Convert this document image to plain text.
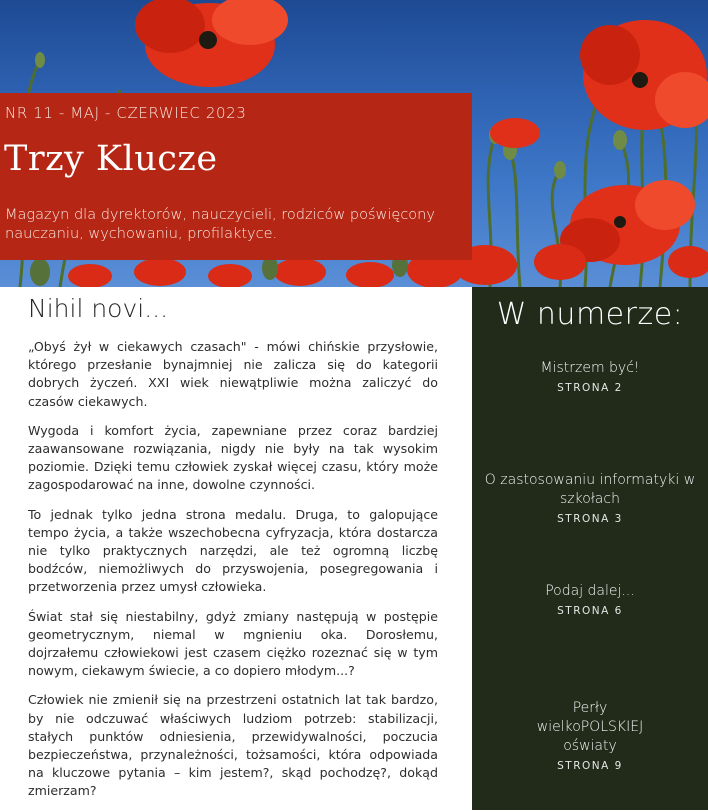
NR 11 - MAJ - CZERWIEC 2023
Trzy Klucze
Magazyn dla dyrektorów, nauczycieli, rodziców poświęcony nauczaniu, wychowaniu, profilaktyce.
Nihil novi...

„Obyś żył w ciekawych czasach" - mówi chińskie przysłowie, którego przesłanie bynajmniej nie zalicza się do kategorii dobrych życzeń. XXI wiek niewątpliwie można zaliczyć do czasów ciekawych.

Wygoda i komfort życia, zapewniane przez coraz bardziej zaawansowane rozwiązania, nigdy nie były na tak wysokim poziomie. Dzięki temu człowiek zyskał więcej czasu, który może zagospodarować na inne, dowolne czynności.

To jednak tylko jedna strona medalu. Druga, to galopujące tempo życia, a także wszechobecna cyfryzacja, która dostarcza nie tylko praktycznych narzędzi, ale też ogromną liczbę bodźców, niemożliwych do przyswojenia, posegregowania i przetworzenia przez umysł człowieka.

Świat stał się niestabilny, gdyż zmiany następują w postępie geometrycznym, niemal w mgnieniu oka. Dorosłemu, dojrzałemu człowiekowi jest czasem ciężko rozeznać się w tym nowym, ciekawym świecie, a co dopiero młodym...?

Człowiek nie zmienił się na przestrzeni ostatnich lat tak bardzo, by nie odczuwać właściwych ludziom potrzeb: stabilizacji, stałych punktów odniesienia, przewidywalności, poczucia bezpieczeństwa, przynależności, tożsamości, która odpowiada na kluczowe pytania – kim jestem?, skąd pochodzę?, dokąd zmierzam?

W numerze:
Mistrzem być!
STRONA 2
O zastosowaniu informatyki w szkołach
STRONA 3
Podaj dalej...
STRONA 6
Perły wielkoPOLSKIEJ oświaty
STRONA 9
